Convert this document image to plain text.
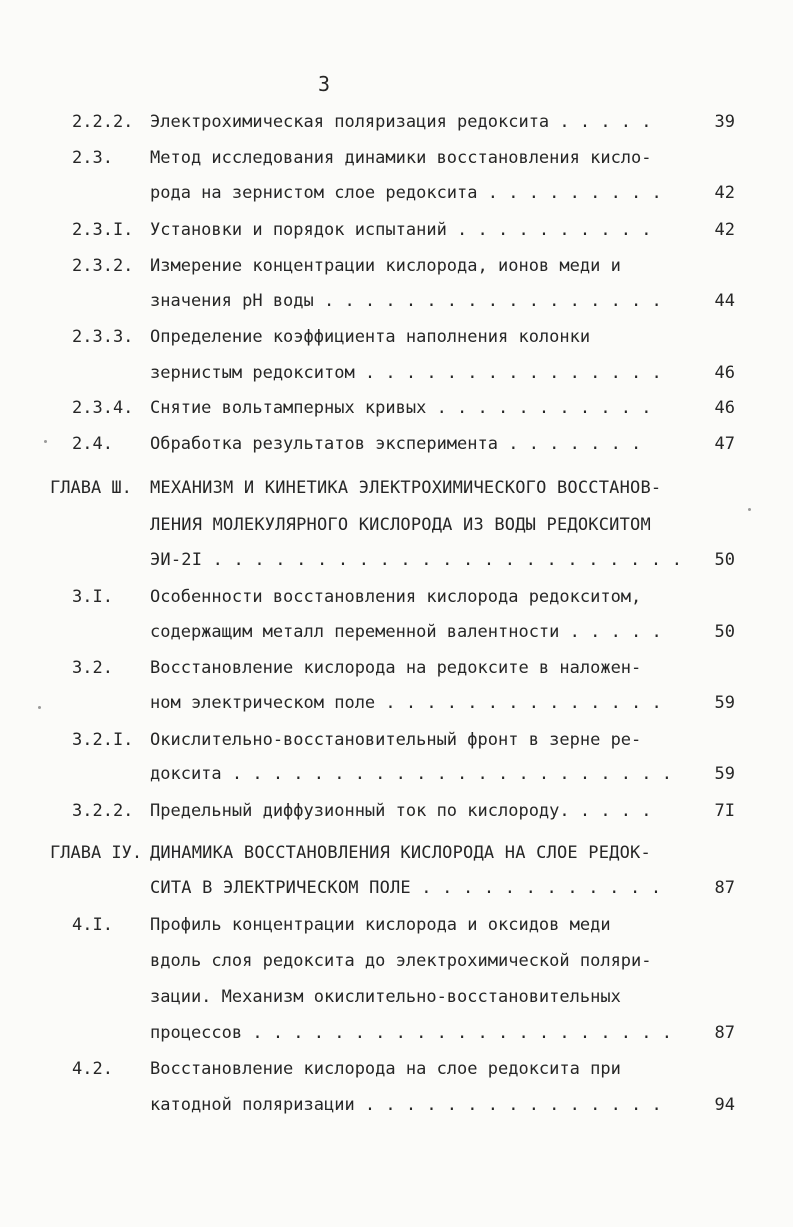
3
2.2.2. Электрохимическая поляризация редоксита . . . . .	39
2.3. Метод исследования динамики восстановления кисло-
рода на зернистом слое редоксита . . . . . . . . .	42
2.3.I. Установки и порядок испытаний . . . . . . . . . .	42
2.3.2. Измерение концентрации кислорода, ионов меди и
значения pH воды . . . . . . . . . . . . . . . . .	44
2.3.3. Определение коэффициента наполнения колонки
зернистым редокситом . . . . . . . . . . . . . . .	46
2.3.4. Снятие вольтамперных кривых . . . . . . . . . . .	46
2.4. Обработка результатов эксперимента . . . . . . .	47
ГЛАВА Ш. МЕХАНИЗМ И КИНЕТИКА ЭЛЕКТРОХИМИЧЕСКОГО ВОССТАНОВ-
ЛЕНИЯ МОЛЕКУЛЯРНОГО КИСЛОРОДА ИЗ ВОДЫ РЕДОКСИТОМ
ЭИ-2I . . . . . . . . . . . . . . . . . . . . . . . 50
3.I. Особенности восстановления кислорода редокситом,
содержащим металл переменной валентности . . . . .	50
3.2. Восстановление кислорода на редоксите в наложен-
ном электрическом поле . . . . . . . . . . . . . .	59
3.2.I. Окислительно-восстановительный фронт в зерне ре-
доксита . . . . . . . . . . . . . . . . . . . . . .	59
3.2.2. Предельный диффузионный ток по кислороду. . . . .	7I
ГЛАВА IУ. ДИНАМИКА ВОССТАНОВЛЕНИЯ КИСЛОРОДА НА СЛОЕ РЕДОК-
СИТА В ЭЛЕКТРИЧЕСКОМ ПОЛЕ . . . . . . . . . . . .	87
4.I. Профиль концентрации кислорода и оксидов меди
вдоль слоя редоксита до электрохимической поляри-
зации. Механизм окислительно-восстановительных
процессов . . . . . . . . . . . . . . . . . . . . .	87
4.2. Восстановление кислорода на слое редоксита при
катодной поляризации . . . . . . . . . . . . . . .	94
